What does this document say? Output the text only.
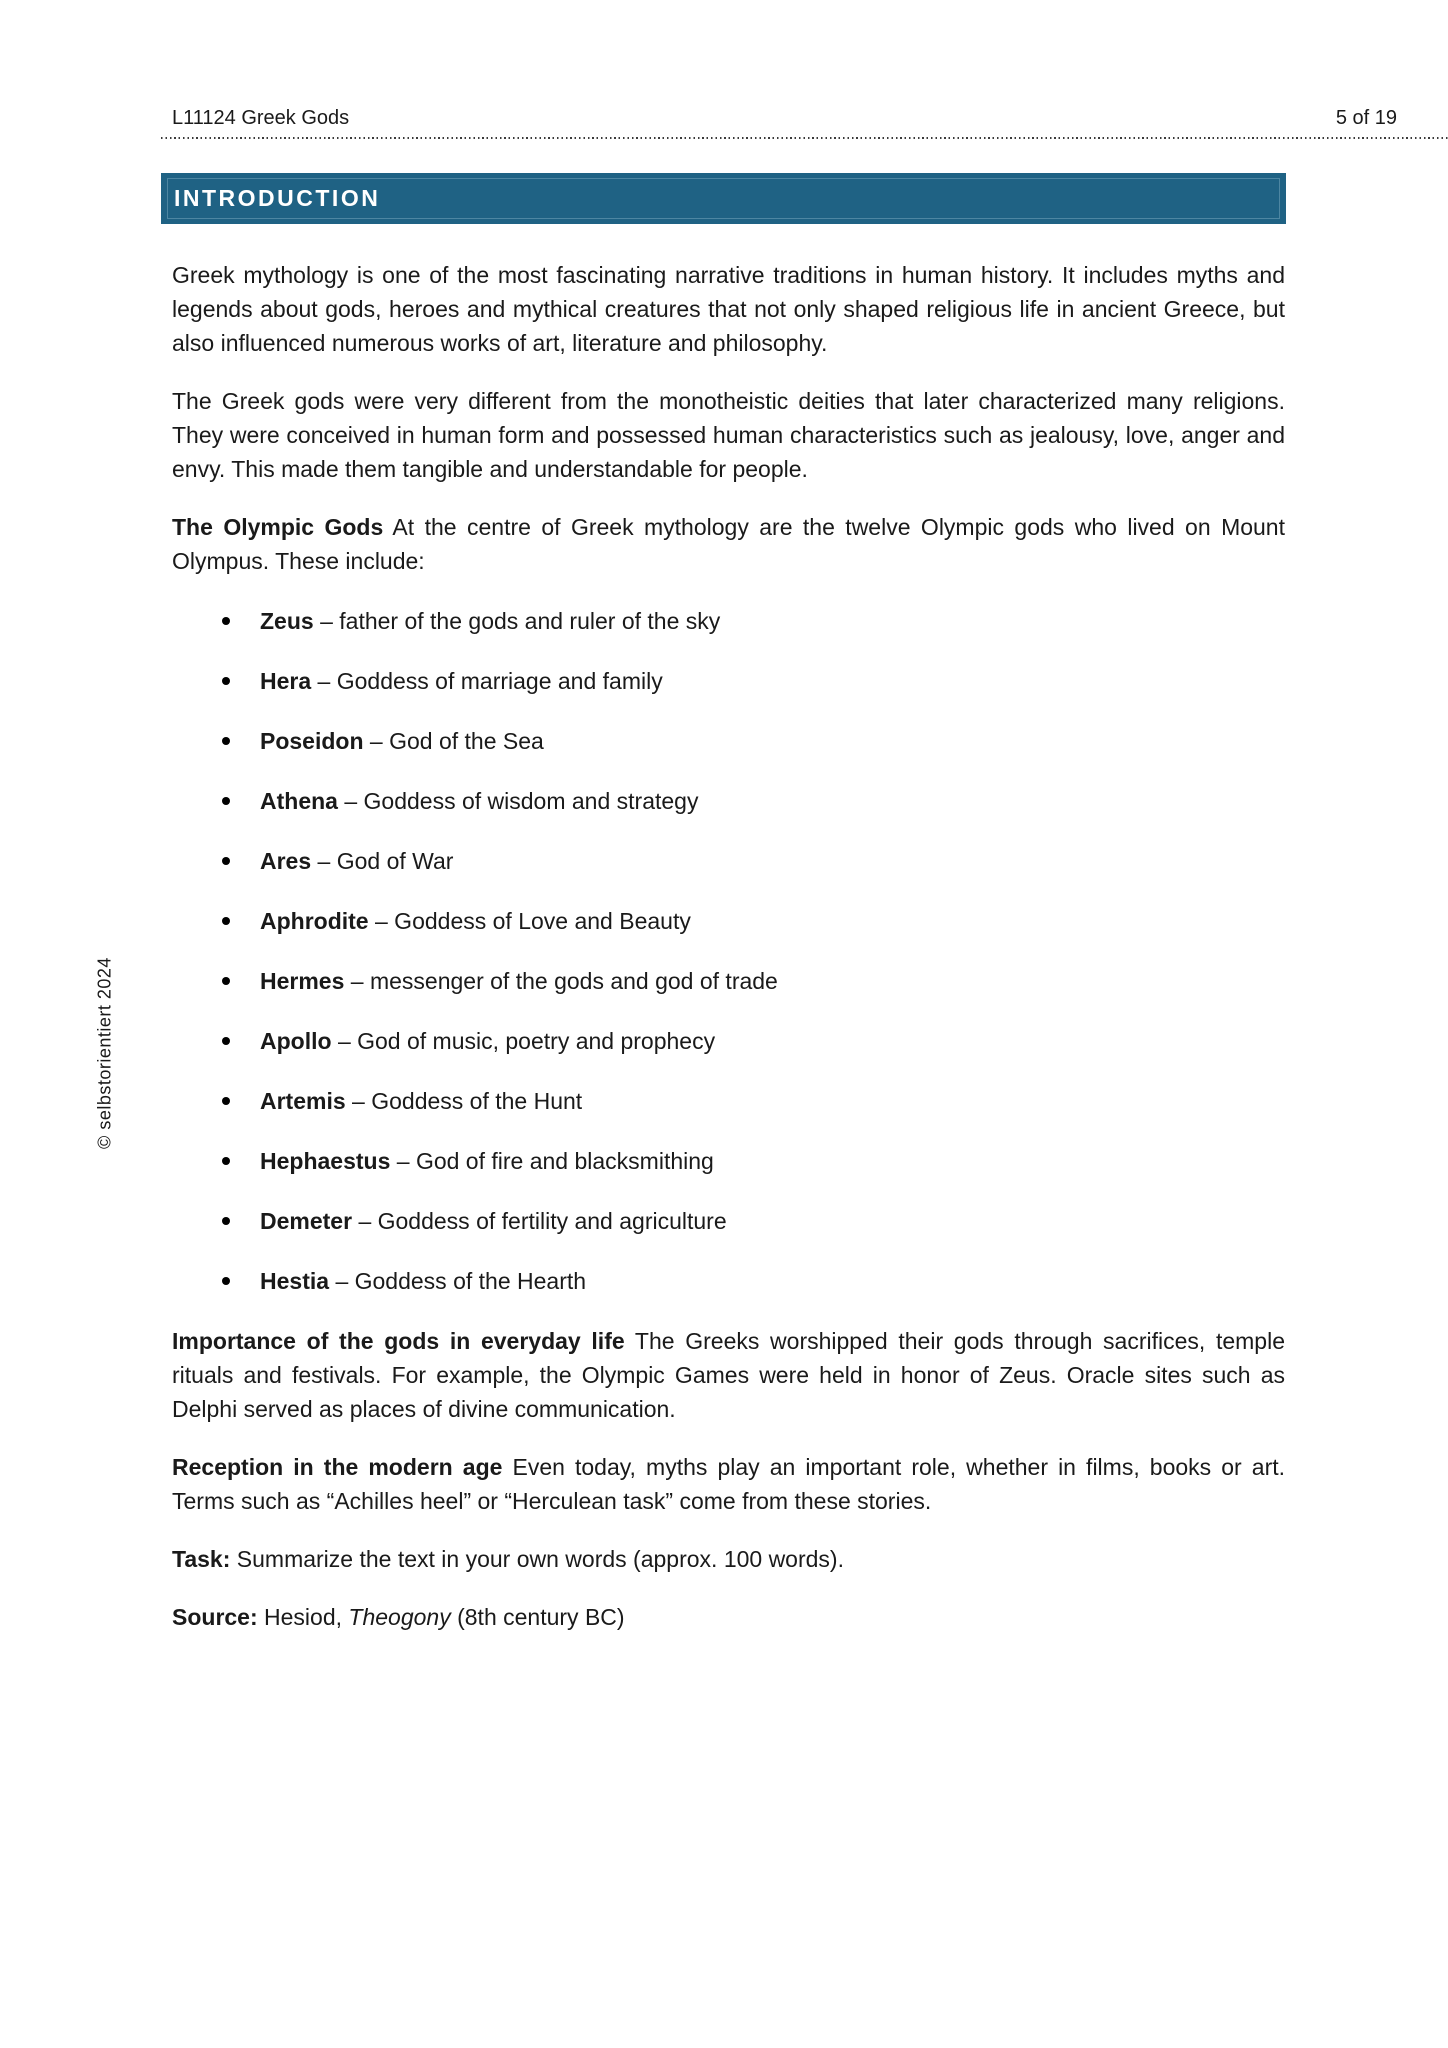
L11124 Greek Gods	5 of 19
INTRODUCTION

Greek mythology is one of the most fascinating narrative traditions in human history. It includes myths and legends about gods, heroes and mythical creatures that not only shaped religious life in ancient Greece, but also influenced numerous works of art, literature and philosophy.

The Greek gods were very different from the monotheistic deities that later characterized many religions. They were conceived in human form and possessed human characteristics such as jealousy, love, anger and envy. This made them tangible and understandable for people.

The Olympic Gods At the centre of Greek mythology are the twelve Olympic gods who lived on Mount Olympus. These include:

Zeus – father of the gods and ruler of the sky
Hera – Goddess of marriage and family
Poseidon – God of the Sea
Athena – Goddess of wisdom and strategy
Ares – God of War
Aphrodite – Goddess of Love and Beauty
Hermes – messenger of the gods and god of trade
Apollo – God of music, poetry and prophecy
Artemis – Goddess of the Hunt
Hephaestus – God of fire and blacksmithing
Demeter – Goddess of fertility and agriculture
Hestia – Goddess of the Hearth

Importance of the gods in everyday life The Greeks worshipped their gods through sacrifices, temple rituals and festivals. For example, the Olympic Games were held in honor of Zeus. Oracle sites such as Delphi served as places of divine communication.

Reception in the modern age Even today, myths play an important role, whether in films, books or art. Terms such as “Achilles heel” or “Herculean task” come from these stories.

Task: Summarize the text in your own words (approx. 100 words).

Source: Hesiod, Theogony (8th century BC)

© selbstorientiert 2024
